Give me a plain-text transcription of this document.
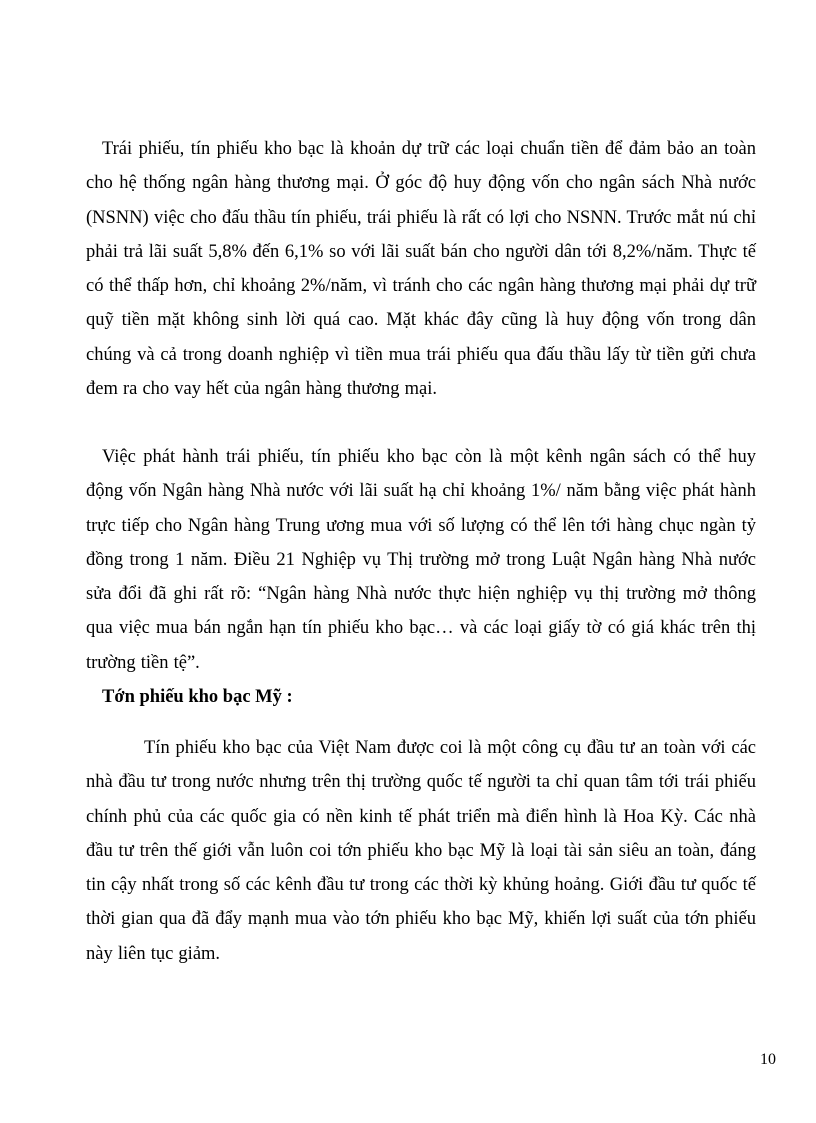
Trái phiếu, tín phiếu kho bạc là khoản dự trữ các loại chuẩn tiền để đảm bảo an toàn cho hệ thống ngân hàng thương mại. Ở góc độ huy động vốn cho ngân sách Nhà nước (NSNN) việc cho đấu thầu tín phiếu, trái phiếu là rất có lợi cho NSNN. Trước mắt nú chỉ phải trả lãi suất 5,8% đến 6,1% so với lãi suất bán cho người dân tới 8,2%/năm. Thực tế có thể thấp hơn, chỉ khoảng 2%/năm, vì tránh cho các ngân hàng thương mại phải dự trữ quỹ tiền mặt không sinh lời quá cao. Mặt khác đây cũng là huy động vốn trong dân chúng và cả trong doanh nghiệp vì tiền mua trái phiếu qua đấu thầu lấy từ tiền gửi chưa đem ra cho vay hết của ngân hàng thương mại.

Việc phát hành trái phiếu, tín phiếu kho bạc còn là một kênh ngân sách có thể huy động vốn Ngân hàng Nhà nước với lãi suất hạ chỉ khoảng 1%/ năm bằng việc phát hành trực tiếp cho Ngân hàng Trung ương mua với số lượng có thể lên tới hàng chục ngàn tỷ đồng trong 1 năm. Điều 21 Nghiệp vụ Thị trường mở trong Luật Ngân hàng Nhà nước sửa đổi đã ghi rất rõ: “Ngân hàng Nhà nước thực hiện nghiệp vụ thị trường mở thông qua việc mua bán ngắn hạn tín phiếu kho bạc… và các loại giấy tờ có giá khác trên thị trường tiền tệ”.

Tớn phiếu kho bạc Mỹ :

Tín phiếu kho bạc của Việt Nam được coi là một công cụ đầu tư an toàn với các nhà đầu tư trong nước nhưng trên thị trường quốc tế người ta chỉ quan tâm tới trái phiếu chính phủ của các quốc gia có nền kinh tế phát triển mà điển hình là Hoa Kỳ. Các nhà đầu tư trên thế giới vẫn luôn coi tớn phiếu kho bạc Mỹ là loại tài sản siêu an toàn, đáng tin cậy nhất trong số các kênh đầu tư trong các thời kỳ khủng hoảng. Giới đầu tư quốc tế thời gian qua đã đẩy mạnh mua vào tớn phiếu kho bạc Mỹ, khiến lợi suất của tớn phiếu này liên tục giảm.

10
